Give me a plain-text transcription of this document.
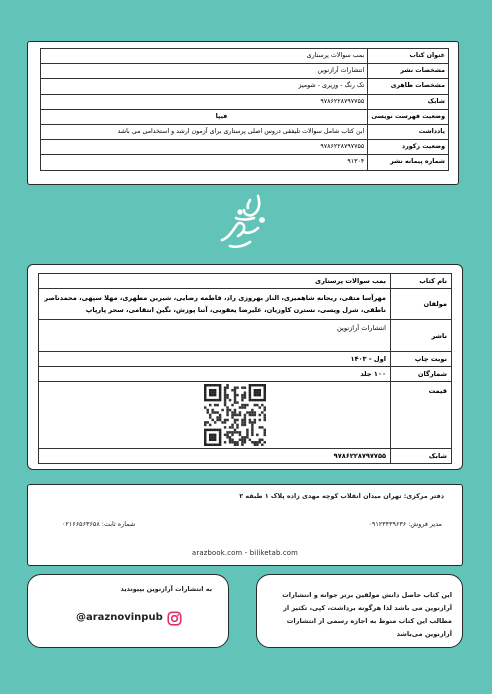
عنوان کتاب	بمب سوالات پرستاری
مشخصات نشر	انتشارات آرازنوین
مشخصات ظاهری	تک رنگ - وزیری - شومیز
شابک	۹۷۸۶۲۲۸۷۹۷۷۵۵
وضعیت فهرست نویسی	فیپا
یادداشت	این کتاب شامل سوالات تلیفقی دروس اصلی پرستاری برای آزمون ارشد و استخدامی می باشد
وضعیت رکورد	۹۷۸۶۲۲۸۷۹۷۷۵۵
شماره پیمانه نشر	۹۱۳۰۴
نام کتاب	بمب سوالات پرستاری
مولفان	مهرآسا متقی، ریحانه شاهمیری، الناز بهروزی راد، فاطمه رضایی، شیرین مظهری، مهلا سپهی، محمدناصر ناطقی، شرل ویسی، نسترن کاوزیان، علیرضا یعقوبی، آتنا پوزش، نگین انتقامی، سحر پارپاپ
ناشر	انتشارات آرازنوین
نوبت چاپ	اول - ۱۴۰۳
شمارگان	۱۰۰ جلد
قیمت	

شابک	۹۷۸۶۲۲۸۷۹۷۷۵۵
دفتر مرکزی: تهران میدان انقلاب کوچه مهدی زاده پلاک ۱ طبقه ۲
مدیر فروش: ۰۹۱۲۳۴۳۹۶۳۶
شماره ثابت: ۰۲۱۶۶۵۶۳۶۵۸
arazbook.com - biliketab.com
این کتاب حاصل دانش مولفین برتر جوانه و انتشارات آرازنوین می باشد لذا هرگونه برداشت، کپی، تکثیر از مطالب این کتاب منوط به اجازه رسمی از انتشارات آرازنوین می‌باشد
به انتشارات آرازنوین بپیوندید
@araznovinpub
